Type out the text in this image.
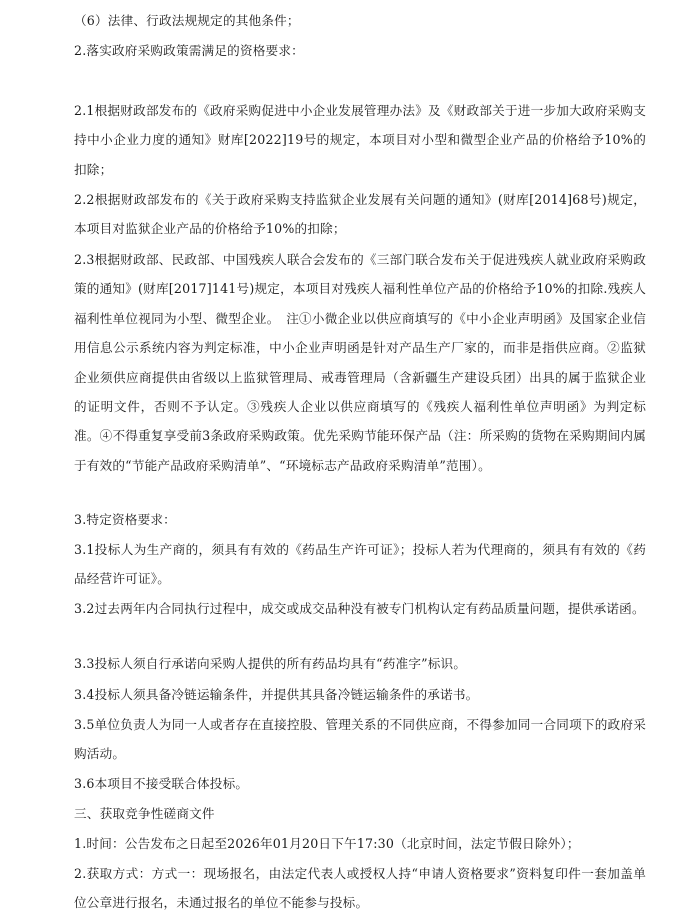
（6）法律、行政法规规定的其他条件；

2.落实政府采购政策需满足的资格要求：

2.1根据财政部发布的《政府采购促进中小企业发展管理办法》及《财政部关于进一步加大政府采购支持中小企业力度的通知》财库[2022]19号的规定，本项目对小型和微型企业产品的价格给予10%的扣除；

2.2根据财政部发布的《关于政府采购支持监狱企业发展有关问题的通知》(财库[2014]68号)规定，本项目对监狱企业产品的价格给予10%的扣除；

2.3根据财政部、民政部、中国残疾人联合会发布的《三部门联合发布关于促进残疾人就业政府采购政策的通知》(财库[2017]141号)规定，本项目对残疾人福利性单位产品的价格给予10%的扣除.残疾人福利性单位视同为小型、微型企业。　注①小微企业以供应商填写的《中小企业声明函》及国家企业信用信息公示系统内容为判定标准，中小企业声明函是针对产品生产厂家的，而非是指供应商。②监狱企业须供应商提供由省级以上监狱管理局、戒毒管理局（含新疆生产建设兵团）出具的属于监狱企业的证明文件，否则不予认定。③残疾人企业以供应商填写的《残疾人福利性单位声明函》为判定标准。④不得重复享受前3条政府采购政策。优先采购节能环保产品（注：所采购的货物在采购期间内属于有效的“节能产品政府采购清单”、“环境标志产品政府采购清单”范围）。

3.特定资格要求：

3.1投标人为生产商的，须具有有效的《药品生产许可证》；投标人若为代理商的，须具有有效的《药品经营许可证》。

3.2过去两年内合同执行过程中，成交或成交品种没有被专门机构认定有药品质量问题，提供承诺函。

3.3投标人须自行承诺向采购人提供的所有药品均具有“药准字”标识。

3.4投标人须具备冷链运输条件，并提供其具备冷链运输条件的承诺书。

3.5单位负责人为同一人或者存在直接控股、管理关系的不同供应商，不得参加同一合同项下的政府采购活动。

3.6本项目不接受联合体投标。

三、获取竞争性磋商文件

1.时间：公告发布之日起至2026年01月20日下午17:30（北京时间，法定节假日除外）；

2.获取方式：方式一：现场报名，由法定代表人或授权人持“申请人资格要求”资料复印件一套加盖单位公章进行报名，未通过报名的单位不能参与投标。
